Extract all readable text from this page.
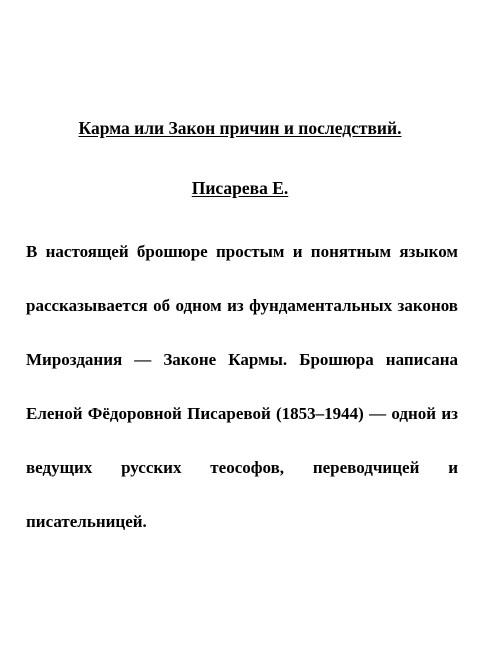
Карма или Закон причин и последствий.
Писарева Е.

В настоящей брошюре простым и понятным языком рассказывается об одном из фундаментальных законов Мироздания — Законе Кармы. Брошюра написана Еленой Фёдоровной Писаревой (1853–1944) — одной из ведущих русских теософов, переводчицей и писательницей.
